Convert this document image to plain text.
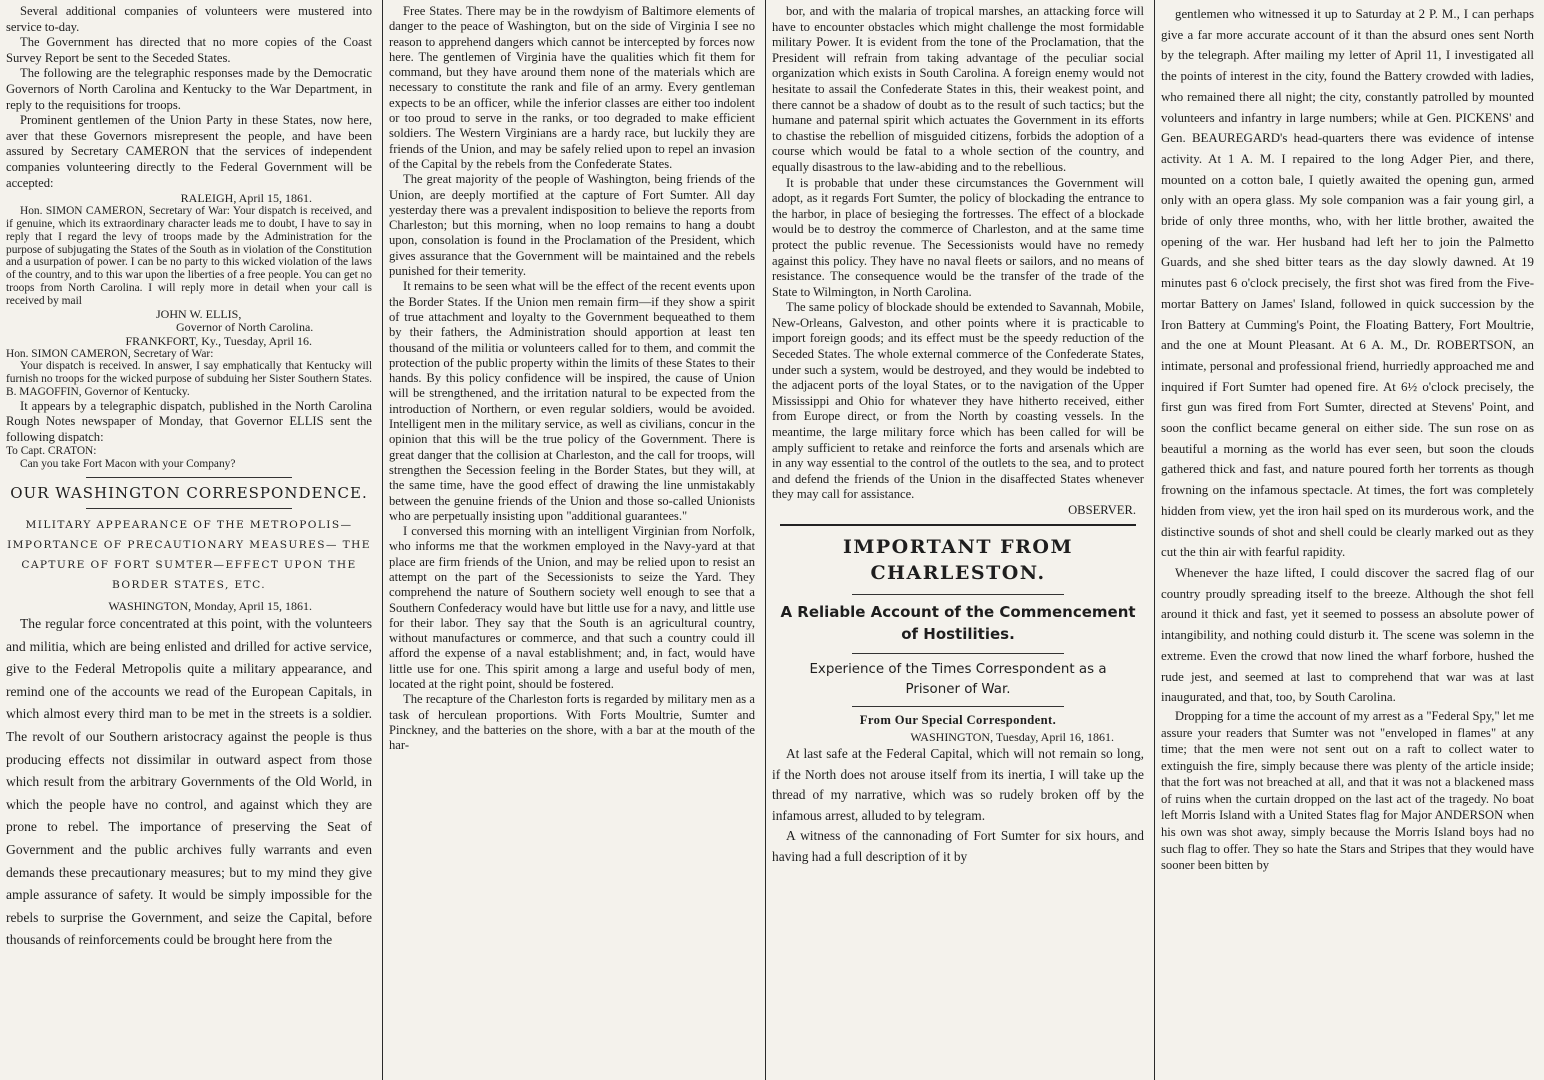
Several additional companies of volunteers were mustered into service to-day.

The Government has directed that no more copies of the Coast Survey Report be sent to the Seceded States.

The following are the telegraphic responses made by the Democratic Governors of North Carolina and Kentucky to the War Department, in reply to the requisitions for troops.

Prominent gentlemen of the Union Party in these States, now here, aver that these Governors misrepresent the people, and have been assured by Secretary CAMERON that the services of independent companies volunteering directly to the Federal Government will be accepted:

RALEIGH, April 15, 1861.

Hon. SIMON CAMERON, Secretary of War: Your dispatch is received, and if genuine, which its extraordinary character leads me to doubt, I have to say in reply that I regard the levy of troops made by the Administration for the purpose of subjugating the States of the South as in violation of the Constitution and a usurpation of power. I can be no party to this wicked violation of the laws of the country, and to this war upon the liberties of a free people. You can get no troops from North Carolina. I will reply more in detail when your call is received by mail

JOHN W. ELLIS,
Governor of North Carolina.
FRANKFORT, Ky., Tuesday, April 16.

Hon. SIMON CAMERON, Secretary of War:

Your dispatch is received. In answer, I say emphatically that Kentucky will furnish no troops for the wicked purpose of subduing her Sister Southern States. B. MAGOFFIN, Governor of Kentucky.

It appears by a telegraphic dispatch, published in the North Carolina Rough Notes newspaper of Monday, that Governor ELLIS sent the following dispatch:

To Capt. CRATON:

Can you take Fort Macon with your Company?

OUR WASHINGTON CORRESPONDENCE.
MILITARY APPEARANCE OF THE METROPOLIS—IMPORTANCE OF PRECAUTIONARY MEASURES— THE CAPTURE OF FORT SUMTER—EFFECT UPON THE BORDER STATES, ETC.
WASHINGTON, Monday, April 15, 1861.

The regular force concentrated at this point, with the volunteers and militia, which are being enlisted and drilled for active service, give to the Federal Metropolis quite a military appearance, and remind one of the accounts we read of the European Capitals, in which almost every third man to be met in the streets is a soldier. The revolt of our Southern aristocracy against the people is thus producing effects not dissimilar in outward aspect from those which result from the arbitrary Governments of the Old World, in which the people have no control, and against which they are prone to rebel. The importance of preserving the Seat of Government and the public archives fully warrants and even demands these precautionary measures; but to my mind they give ample assurance of safety. It would be simply impossible for the rebels to surprise the Government, and seize the Capital, before thousands of reinforcements could be brought here from the

Free States. There may be in the rowdyism of Baltimore elements of danger to the peace of Washington, but on the side of Virginia I see no reason to apprehend dangers which cannot be intercepted by forces now here. The gentlemen of Virginia have the qualities which fit them for command, but they have around them none of the materials which are necessary to constitute the rank and file of an army. Every gentleman expects to be an officer, while the inferior classes are either too indolent or too proud to serve in the ranks, or too degraded to make efficient soldiers. The Western Virginians are a hardy race, but luckily they are friends of the Union, and may be safely relied upon to repel an invasion of the Capital by the rebels from the Confederate States.

The great majority of the people of Washington, being friends of the Union, are deeply mortified at the capture of Fort Sumter. All day yesterday there was a prevalent indisposition to believe the reports from Charleston; but this morning, when no loop remains to hang a doubt upon, consolation is found in the Proclamation of the President, which gives assurance that the Government will be maintained and the rebels punished for their temerity.

It remains to be seen what will be the effect of the recent events upon the Border States. If the Union men remain firm—if they show a spirit of true attachment and loyalty to the Government bequeathed to them by their fathers, the Administration should apportion at least ten thousand of the militia or volunteers called for to them, and commit the protection of the public property within the limits of these States to their hands. By this policy confidence will be inspired, the cause of Union will be strengthened, and the irritation natural to be expected from the introduction of Northern, or even regular soldiers, would be avoided. Intelligent men in the military service, as well as civilians, concur in the opinion that this will be the true policy of the Government. There is great danger that the collision at Charleston, and the call for troops, will strengthen the Secession feeling in the Border States, but they will, at the same time, have the good effect of drawing the line unmistakably between the genuine friends of the Union and those so-called Unionists who are perpetually insisting upon "additional guarantees."

I conversed this morning with an intelligent Virginian from Norfolk, who informs me that the workmen employed in the Navy-yard at that place are firm friends of the Union, and may be relied upon to resist an attempt on the part of the Secessionists to seize the Yard. They comprehend the nature of Southern society well enough to see that a Southern Confederacy would have but little use for a navy, and little use for their labor. They say that the South is an agricultural country, without manufactures or commerce, and that such a country could ill afford the expense of a naval establishment; and, in fact, would have little use for one. This spirit among a large and useful body of men, located at the right point, should be fostered.

The recapture of the Charleston forts is regarded by military men as a task of herculean proportions. With Forts Moultrie, Sumter and Pinckney, and the batteries on the shore, with a bar at the mouth of the har-

bor, and with the malaria of tropical marshes, an attacking force will have to encounter obstacles which might challenge the most formidable military Power. It is evident from the tone of the Proclamation, that the President will refrain from taking advantage of the peculiar social organization which exists in South Carolina. A foreign enemy would not hesitate to assail the Confederate States in this, their weakest point, and there cannot be a shadow of doubt as to the result of such tactics; but the humane and paternal spirit which actuates the Government in its efforts to chastise the rebellion of misguided citizens, forbids the adoption of a course which would be fatal to a whole section of the country, and equally disastrous to the law-abiding and to the rebellious.

It is probable that under these circumstances the Government will adopt, as it regards Fort Sumter, the policy of blockading the entrance to the harbor, in place of besieging the fortresses. The effect of a blockade would be to destroy the commerce of Charleston, and at the same time protect the public revenue. The Secessionists would have no remedy against this policy. They have no naval fleets or sailors, and no means of resistance. The consequence would be the transfer of the trade of the State to Wilmington, in North Carolina.

The same policy of blockade should be extended to Savannah, Mobile, New-Orleans, Galveston, and other points where it is practicable to import foreign goods; and its effect must be the speedy reduction of the Seceded States. The whole external commerce of the Confederate States, under such a system, would be destroyed, and they would be indebted to the adjacent ports of the loyal States, or to the navigation of the Upper Mississippi and Ohio for whatever they have hitherto received, either from Europe direct, or from the North by coasting vessels. In the meantime, the large military force which has been called for will be amply sufficient to retake and reinforce the forts and arsenals which are in any way essential to the control of the outlets to the sea, and to protect and defend the friends of the Union in the disaffected States whenever they may call for assistance.

OBSERVER.
IMPORTANT FROM CHARLESTON.
A Reliable Account of the Commencement of Hostilities.
Experience of the Times Correspondent as a Prisoner of War.
From Our Special Correspondent.
WASHINGTON, Tuesday, April 16, 1861.

At last safe at the Federal Capital, which will not remain so long, if the North does not arouse itself from its inertia, I will take up the thread of my narrative, which was so rudely broken off by the infamous arrest, alluded to by telegram.

A witness of the cannonading of Fort Sumter for six hours, and having had a full description of it by

gentlemen who witnessed it up to Saturday at 2 P. M., I can perhaps give a far more accurate account of it than the absurd ones sent North by the telegraph. After mailing my letter of April 11, I investigated all the points of interest in the city, found the Battery crowded with ladies, who remained there all night; the city, constantly patrolled by mounted volunteers and infantry in large numbers; while at Gen. PICKENS' and Gen. BEAUREGARD's head-quarters there was evidence of intense activity. At 1 A. M. I repaired to the long Adger Pier, and there, mounted on a cotton bale, I quietly awaited the opening gun, armed only with an opera glass. My sole companion was a fair young girl, a bride of only three months, who, with her little brother, awaited the opening of the war. Her husband had left her to join the Palmetto Guards, and she shed bitter tears as the day slowly dawned. At 19 minutes past 6 o'clock precisely, the first shot was fired from the Five-mortar Battery on James' Island, followed in quick succession by the Iron Battery at Cumming's Point, the Floating Battery, Fort Moultrie, and the one at Mount Pleasant. At 6 A. M., Dr. ROBERTSON, an intimate, personal and professional friend, hurriedly approached me and inquired if Fort Sumter had opened fire. At 6½ o'clock precisely, the first gun was fired from Fort Sumter, directed at Stevens' Point, and soon the conflict became general on either side. The sun rose on as beautiful a morning as the world has ever seen, but soon the clouds gathered thick and fast, and nature poured forth her torrents as though frowning on the infamous spectacle. At times, the fort was completely hidden from view, yet the iron hail sped on its murderous work, and the distinctive sounds of shot and shell could be clearly marked out as they cut the thin air with fearful rapidity.

Whenever the haze lifted, I could discover the sacred flag of our country proudly spreading itself to the breeze. Although the shot fell around it thick and fast, yet it seemed to possess an absolute power of intangibility, and nothing could disturb it. The scene was solemn in the extreme. Even the crowd that now lined the wharf forbore, hushed the rude jest, and seemed at last to comprehend that war was at last inaugurated, and that, too, by South Carolina.

Dropping for a time the account of my arrest as a "Federal Spy," let me assure your readers that Sumter was not "enveloped in flames" at any time; that the men were not sent out on a raft to collect water to extinguish the fire, simply because there was plenty of the article inside; that the fort was not breached at all, and that it was not a blackened mass of ruins when the curtain dropped on the last act of the tragedy. No boat left Morris Island with a United States flag for Major ANDERSON when his own was shot away, simply because the Morris Island boys had no such flag to offer. They so hate the Stars and Stripes that they would have sooner been bitten by
